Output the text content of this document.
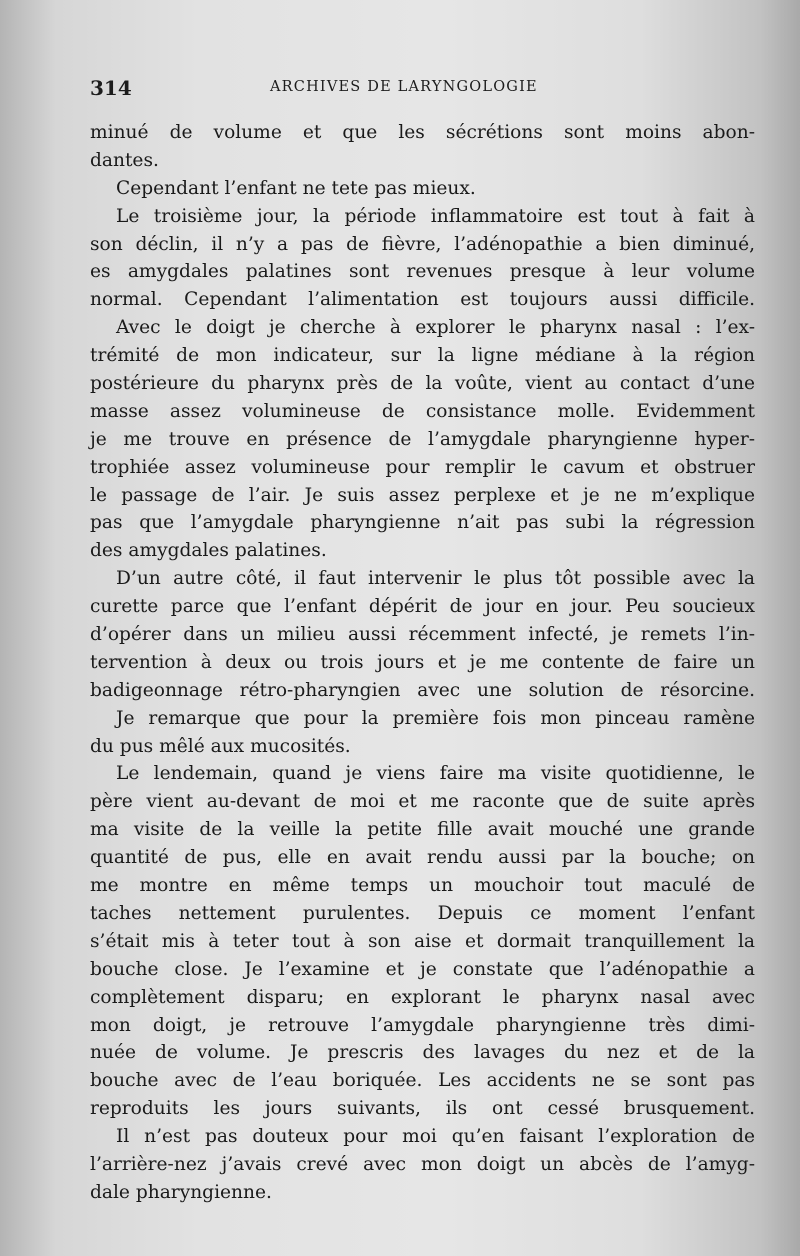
314	ARCHIVES DE LARYNGOLOGIE
minué de volume et que les sécrétions sont moins abon-
dantes.
Cependant l’enfant ne tete pas mieux.
Le troisième jour, la période inflammatoire est tout à fait à
son déclin, il n’y a pas de fièvre, l’adénopathie a bien diminué,
es amygdales palatines sont revenues presque à leur volume
normal. Cependant l’alimentation est toujours aussi difficile.
Avec le doigt je cherche à explorer le pharynx nasal : l’ex-
trémité de mon indicateur, sur la ligne médiane à la région
postérieure du pharynx près de la voûte, vient au contact d’une
masse assez volumineuse de consistance molle. Evidemment
je me trouve en présence de l’amygdale pharyngienne hyper-
trophiée assez volumineuse pour remplir le cavum et obstruer
le passage de l’air. Je suis assez perplexe et je ne m’explique
pas que l’amygdale pharyngienne n’ait pas subi la régression
des amygdales palatines.
D’un autre côté, il faut intervenir le plus tôt possible avec la
curette parce que l’enfant dépérit de jour en jour. Peu soucieux
d’opérer dans un milieu aussi récemment infecté, je remets l’in-
tervention à deux ou trois jours et je me contente de faire un
badigeonnage rétro-pharyngien avec une solution de résorcine.
Je remarque que pour la première fois mon pinceau ramène
du pus mêlé aux mucosités.
Le lendemain, quand je viens faire ma visite quotidienne, le
père vient au-devant de moi et me raconte que de suite après
ma visite de la veille la petite fille avait mouché une grande
quantité de pus, elle en avait rendu aussi par la bouche; on
me montre en même temps un mouchoir tout maculé de
taches nettement purulentes. Depuis ce moment l’enfant
s’était mis à teter tout à son aise et dormait tranquillement la
bouche close. Je l’examine et je constate que l’adénopathie a
complètement disparu; en explorant le pharynx nasal avec
mon doigt, je retrouve l’amygdale pharyngienne très dimi-
nuée de volume. Je prescris des lavages du nez et de la
bouche avec de l’eau boriquée. Les accidents ne se sont pas
reproduits les jours suivants, ils ont cessé brusquement.
Il n’est pas douteux pour moi qu’en faisant l’exploration de
l’arrière-nez j’avais crevé avec mon doigt un abcès de l’amyg-
dale pharyngienne.
